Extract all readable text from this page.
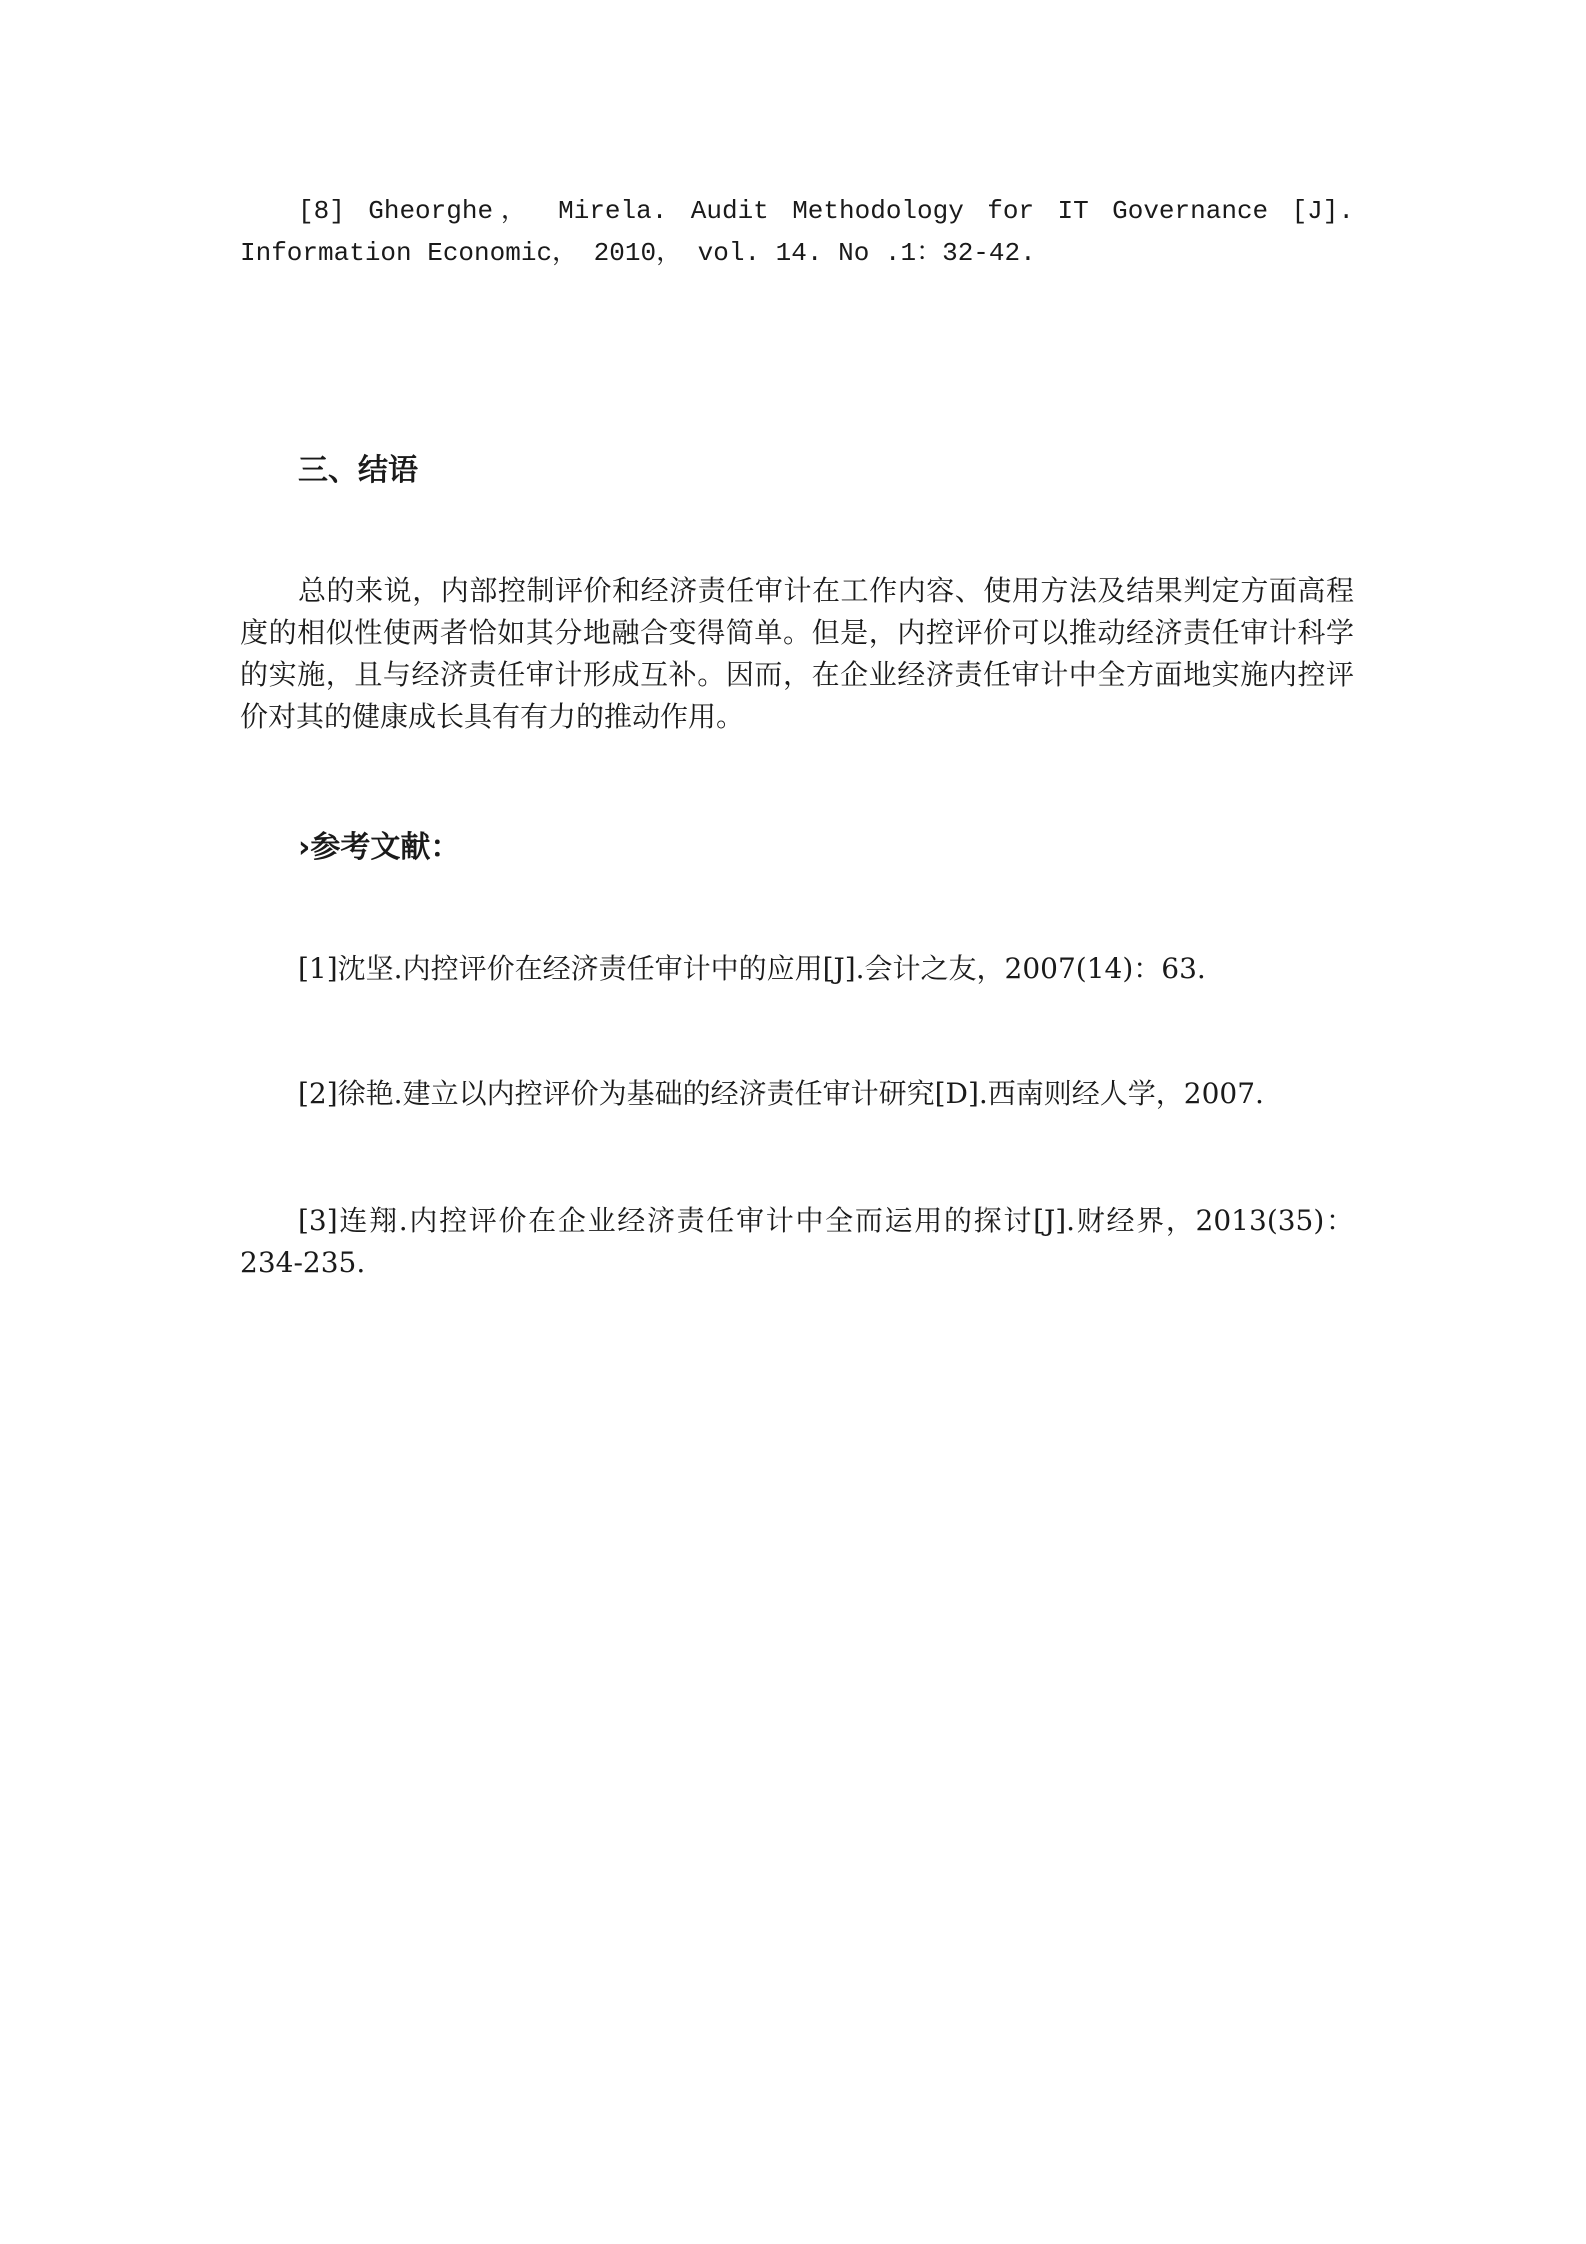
[8] Gheorghe， Mirela. Audit Methodology for IT Governance [J]. Information Economic， 2010， vol. 14. No .1：32-42.
三、结语
总的来说，内部控制评价和经济责任审计在工作内容、使用方法及结果判定方面高程度的相似性使两者恰如其分地融合变得简单。但是，内控评价可以推动经济责任审计科学的实施，且与经济责任审计形成互补。因而，在企业经济责任审计中全方面地实施内控评价对其的健康成长具有有力的推动作用。
›参考文献：
[1]沈坚.内控评价在经济责任审计中的应用[J].会计之友，2007(14)：63.
[2]徐艳.建立以内控评价为基础的经济责任审计研究[D].西南则经人学，2007.
[3]连翔.内控评价在企业经济责任审计中全而运用的探讨[J].财经界，2013(35)：234-235.
